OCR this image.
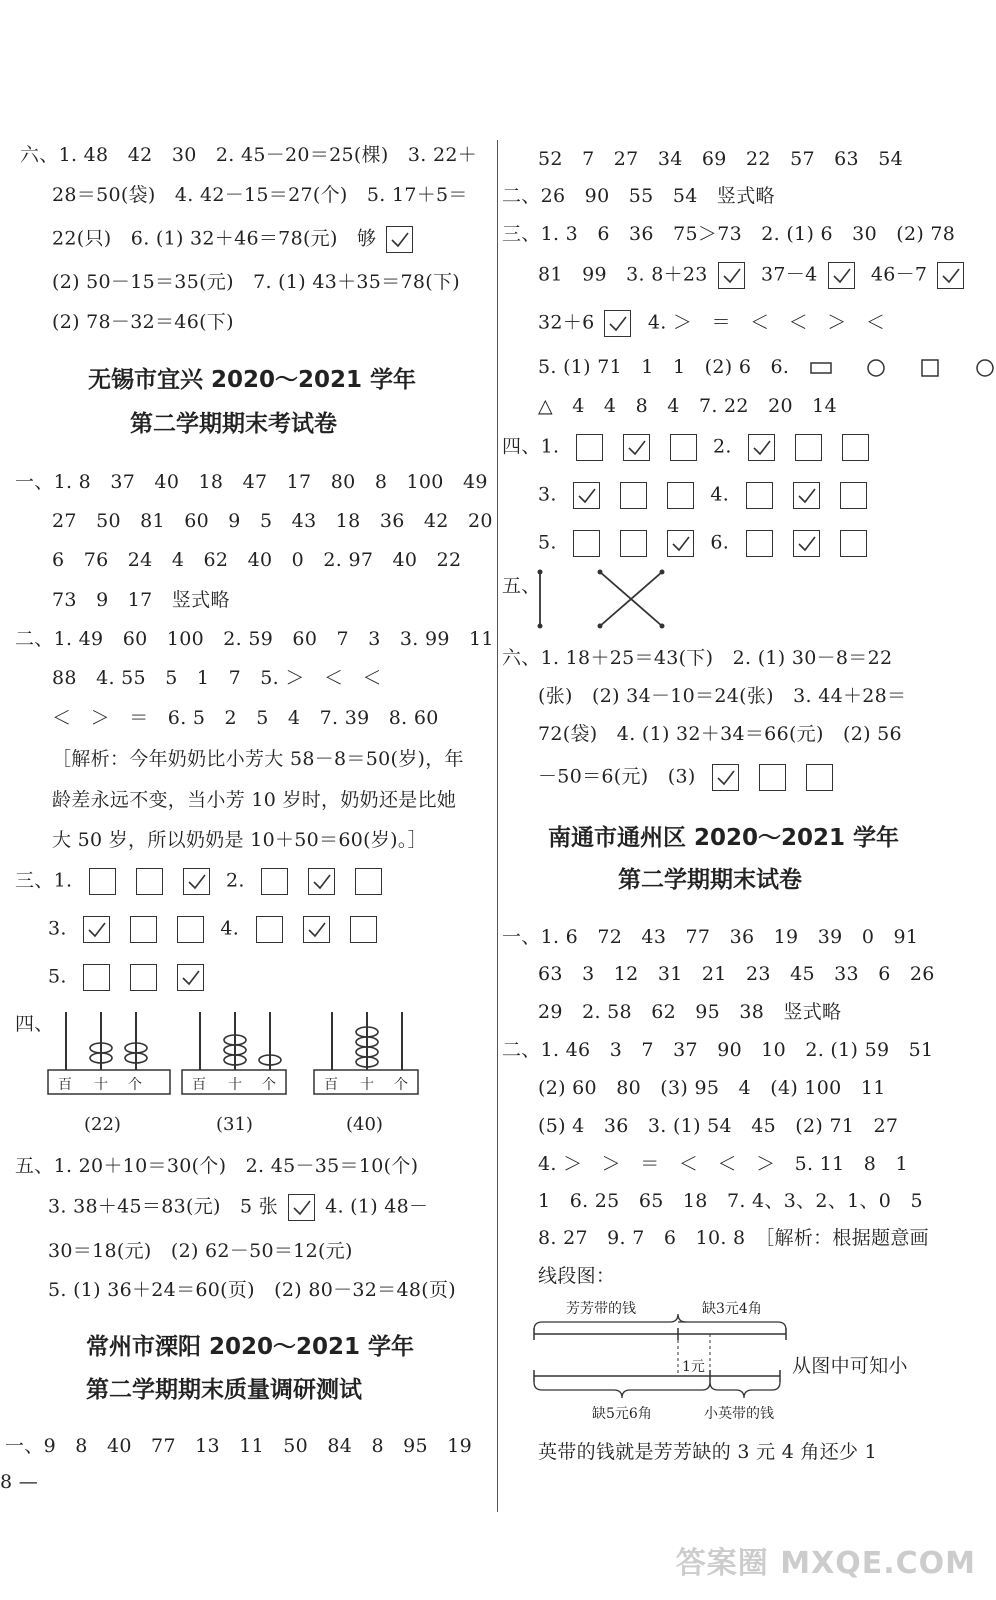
六、1. 48　42　30　2. 45－20＝25(棵)　3. 22＋
28＝50(袋)　4. 42－15＝27(个)　5. 17＋5＝
22(只)　6. (1) 32＋46＝78(元)　够
(2) 50－15＝35(元)　7. (1) 43＋35＝78(下)
(2) 78－32＝46(下)
无锡市宜兴 2020～2021 学年
第二学期期末考试卷
一、1. 8　37　40　18　47　17　80　8　100　49
27　50　81　60　9　5　43　18　36　42　20
6　76　24　4　62　40　0　2. 97　40　22
73　9　17　竖式略
二、1. 49　60　100　2. 59　60　7　3　3. 99　11
88　4. 55　5　1　7　5. ＞　＜　＜
＜　＞　＝　6. 5　2　5　4　7. 39　8. 60
［解析：今年奶奶比小芳大 58－8＝50(岁)，年
龄差永远不变，当小芳 10 岁时，奶奶还是比她
大 50 岁，所以奶奶是 10＋50＝60(岁)。］
三、1.	2.
3.	4.
5.
四、
百 十 个
(22)
百 十 个
(31)
百 十 个
(40)
五、1. 20＋10＝30(个)　2. 45－35＝10(个)
3. 38＋45＝83(元)　5 张 4. (1) 48－
30＝18(元)　(2) 62－50＝12(元)
5. (1) 36＋24＝60(页)　(2) 80－32＝48(页)
常州市溧阳 2020～2021 学年
第二学期期末质量调研测试
一、9　8　40　77　13　11　50　84　8　95　19
8 —
52　7　27　34　69　22　57　63　54
二、26　90　55　54　竖式略
三、1. 3　6　36　75＞73　2. (1) 6　30　(2) 78
81　99　3. 8＋23	37－4	46－7
32＋6	4. ＞　＝　＜　＜　＞　＜
5. (1) 71　1　1　(2) 6　6.
△　4　4　8　4　7. 22　20　14
四、1.	2.
3.	4.
5.	6.
五、
六、1. 18＋25＝43(下)　2. (1) 30－8＝22
(张)　(2) 34－10＝24(张)　3. 44＋28＝
72(袋)　4. (1) 32＋34＝66(元)　(2) 56
－50＝6(元)　(3)
南通市通州区 2020～2021 学年
第二学期期末试卷
一、1. 6　72　43　77　36　19　39　0　91
63　3　12　31　21　23　45　33　6　26
29　2. 58　62　95　38　竖式略
二、1. 46　3　7　37　90　10　2. (1) 59　51
(2) 60　80　(3) 95　4　(4) 100　11
(5) 4　36　3. (1) 54　45　(2) 71　27
4. ＞　＞　＝　＜　＜　＞　5. 11　8　1
1　6. 25　65　18　7. 4、3、2、1、0　5
8. 27　9. 7　6　10. 8　［解析：根据题意画
线段图：
芳芳带的钱	缺3元4角
1元
缺5元6角	小英带的钱
从图中可知小
英带的钱就是芳芳缺的 3 元 4 角还少 1
答案圈 MXQE.COM
